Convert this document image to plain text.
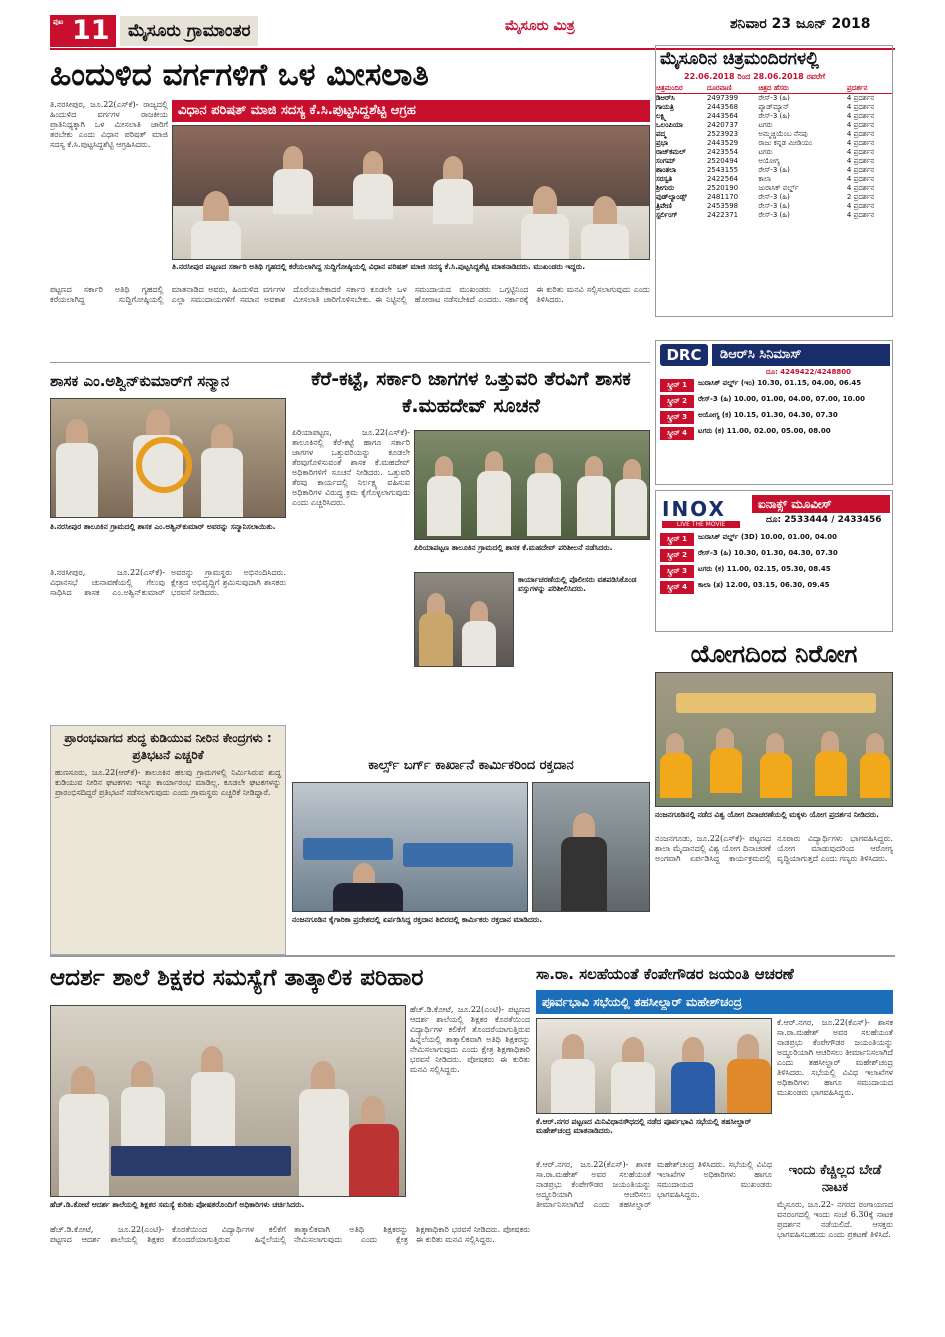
ಪುಟ 11	ಮೈಸೂರು ಗ್ರಾಮಾಂತರ	ಮೈಸೂರು ಮಿತ್ರ	ಶನಿವಾರ 23 ಜೂನ್ 2018
ಹಿಂದುಳಿದ ವರ್ಗಗಳಿಗೆ ಒಳ ಮೀಸಲಾತಿ
ತಿ.ನರಸೀಪುರ, ಜೂ.22(ಎಸ್‌ಕೆ)- ರಾಜ್ಯದಲ್ಲಿ ಹಿಂದುಳಿದ ವರ್ಗಗಳ ರಾಜಕೀಯ ಪ್ರಾತಿನಿಧ್ಯಕ್ಕಾಗಿ ಒಳ ಮೀಸಲಾತಿ ಜಾರಿಗೆ ತರಬೇಕು ಎಂದು ವಿಧಾನ ಪರಿಷತ್ ಮಾಜಿ ಸದಸ್ಯ ಕೆ.ಸಿ.ಪುಟ್ಟಸಿದ್ದಶೆಟ್ಟಿ ಆಗ್ರಹಿಸಿದರು.
ವಿಧಾನ ಪರಿಷತ್ ಮಾಜಿ ಸದಸ್ಯ ಕೆ.ಸಿ.ಪುಟ್ಟಸಿದ್ದಶೆಟ್ಟಿ ಆಗ್ರಹ
ತಿ.ನರಸೀಪುರ ಪಟ್ಟಣದ ಸರ್ಕಾರಿ ಅತಿಥಿ ಗೃಹದಲ್ಲಿ ಕರೆಯಲಾಗಿದ್ದ ಸುದ್ದಿಗೋಷ್ಠಿಯಲ್ಲಿ ವಿಧಾನ ಪರಿಷತ್ ಮಾಜಿ ಸದಸ್ಯ ಕೆ.ಸಿ.ಪುಟ್ಟಸಿದ್ದಶೆಟ್ಟಿ ಮಾತನಾಡಿದರು. ಮುಖಂಡರು ಇದ್ದರು.
ಪಟ್ಟಣದ ಸರ್ಕಾರಿ ಅತಿಥಿ ಗೃಹದಲ್ಲಿ ಕರೆಯಲಾಗಿದ್ದ ಸುದ್ದಿಗೋಷ್ಠಿಯಲ್ಲಿ ಮಾತನಾಡಿದ ಅವರು, ಹಿಂದುಳಿದ ವರ್ಗಗಳ ಎಲ್ಲಾ ಸಮುದಾಯಗಳಿಗೆ ಸಮಾನ ಅವಕಾಶ ದೊರೆಯಬೇಕಾದರೆ ಸರ್ಕಾರ ಕೂಡಲೇ ಒಳ ಮೀಸಲಾತಿ ಜಾರಿಗೊಳಿಸಬೇಕು. ಈ ನಿಟ್ಟಿನಲ್ಲಿ ಸಮುದಾಯದ ಮುಖಂಡರು ಒಗ್ಗಟ್ಟಿನಿಂದ ಹೋರಾಟ ನಡೆಸಬೇಕಿದೆ ಎಂದರು. ಸರ್ಕಾರಕ್ಕೆ ಈ ಕುರಿತು ಮನವಿ ಸಲ್ಲಿಸಲಾಗುವುದು ಎಂದು ತಿಳಿಸಿದರು.
ಮೈಸೂರಿನ ಚಿತ್ರಮಂದಿರಗಳಲ್ಲಿ
22.06.2018 ರಿಂದ 28.06.2018 ರವರೆಗೆ
ಚಿತ್ರಮಂದಿರ	ದೂರವಾಣಿ	ಚಿತ್ರದ ಹೆಸರು	ಪ್ರದರ್ಶನ
ಡಿಆರ್‌ಸಿ	2497399	ರೇಸ್-3 (ಹಿ)	4 ಪ್ರದರ್ಶನ
ಗಾಯತ್ರಿ	2443568	ಪ್ಯಾಡ್‌ಮ್ಯಾನ್	4 ಪ್ರದರ್ಶನ
ಲಕ್ಷ್ಮಿ	2443564	ರೇಸ್-3 (ಹಿ)	4 ಪ್ರದರ್ಶನ
ಒಲಂಪಿಯಾ	2420737	ಟಗರು	4 ಪ್ರದರ್ಶನ
ಪದ್ಮ	2523923	ಅಮ್ಮಚ್ಚಿಯೆಂಬ ನೆನಪು	4 ಪ್ರದರ್ಶನ
ಪ್ರಭಾ	2443529	ರಾಜು ಕನ್ನಡ ಮೀಡಿಯಂ	4 ಪ್ರದರ್ಶನ
ರಾಜ್‌ಕಮಲ್	2423554	ಟಗರು	4 ಪ್ರದರ್ಶನ
ಸಂಗಮ್	2520494	ಅಯೋಗ್ಯ	4 ಪ್ರದರ್ಶನ
ಶಾಂತಲಾ	2543155	ರೇಸ್-3 (ಹಿ)	4 ಪ್ರದರ್ಶನ
ಸರಸ್ವತಿ	2422564	ಕಾಲಾ	4 ಪ್ರದರ್ಶನ
ಶ್ರೀಗುರು	2520190	ಜುರಾಸಿಕ್ ವರ್ಲ್ಡ್	4 ಪ್ರದರ್ಶನ
ವುಡ್‌ಲ್ಯಾಂಡ್ಸ್	2481170	ರೇಸ್-3 (ಹಿ)	2 ಪ್ರದರ್ಶನ
ತ್ರಿವೇಣಿ	2453598	ರೇಸ್-3 (ಹಿ)	4 ಪ್ರದರ್ಶನ
ಸ್ಟರ್ಲಿಂಗ್	2422371	ರೇಸ್-3 (ಹಿ)	4 ಪ್ರದರ್ಶನ
DRC	ಡಿಆರ್‌ಸಿ ಸಿನಿಮಾಸ್
ದೂ: 4249422/4248800
ಸ್ಕ್ರೀನ್ 1	ಜುರಾಸಿಕ್ ವರ್ಲ್ಡ್ (ಇಂ) 10.30, 01.15, 04.00, 06.45
ಸ್ಕ್ರೀನ್ 2	ರೇಸ್-3 (ಹಿ) 10.00, 01.00, 04.00, 07.00, 10.00
ಸ್ಕ್ರೀನ್ 3	ಅಯೋಗ್ಯ (ಕ) 10.15, 01.30, 04.30, 07.30
ಸ್ಕ್ರೀನ್ 4	ಟಗರು (ಕ) 11.00, 02.00, 05.00, 08.00
INOX
LIVE THE MOVIE
ಐನಾಕ್ಸ್ ಮೂವೀಸ್
ದೂ: 2533444 / 2433456
ಸ್ಕ್ರೀನ್ 1	ಜುರಾಸಿಕ್ ವರ್ಲ್ಡ್ (3D) 10.00, 01.00, 04.00
ಸ್ಕ್ರೀನ್ 2	ರೇಸ್-3 (ಹಿ) 10.30, 01.30, 04.30, 07.30
ಸ್ಕ್ರೀನ್ 3	ಟಗರು (ಕ) 11.00, 02.15, 05.30, 08.45
ಸ್ಕ್ರೀನ್ 4	ಕಾಲಾ (ತ) 12.00, 03.15, 06.30, 09.45
ಯೋಗದಿಂದ ನಿರೋಗ
ನಂಜನಗೂಡಿನಲ್ಲಿ ನಡೆದ ವಿಶ್ವ ಯೋಗ ದಿನಾಚರಣೆಯಲ್ಲಿ ಮಕ್ಕಳು ಯೋಗ ಪ್ರದರ್ಶನ ನೀಡಿದರು.
ನಂಜನಗೂಡು, ಜೂ.22(ಎಸ್‌ಕೆ)- ಪಟ್ಟಣದ ಶಾಲಾ ಮೈದಾನದಲ್ಲಿ ವಿಶ್ವ ಯೋಗ ದಿನಾಚರಣೆ ಅಂಗವಾಗಿ ಏರ್ಪಡಿಸಿದ್ದ ಕಾರ್ಯಕ್ರಮದಲ್ಲಿ ನೂರಾರು ವಿದ್ಯಾರ್ಥಿಗಳು ಭಾಗವಹಿಸಿದ್ದರು. ಯೋಗ ಮಾಡುವುದರಿಂದ ಆರೋಗ್ಯ ವೃದ್ಧಿಯಾಗುತ್ತದೆ ಎಂದು ಗಣ್ಯರು ತಿಳಿಸಿದರು.
ಶಾಸಕ ಎಂ.ಅಶ್ವಿನ್‌ಕುಮಾರ್‌ಗೆ ಸನ್ಮಾನ
ತಿ.ನರಸೀಪುರ ತಾಲೂಕಿನ ಗ್ರಾಮದಲ್ಲಿ ಶಾಸಕ ಎಂ.ಅಶ್ವಿನ್‌ಕುಮಾರ್ ಅವರನ್ನು ಸನ್ಮಾನಿಸಲಾಯಿತು.
ತಿ.ನರಸೀಪುರ, ಜೂ.22(ಎಸ್‌ಕೆ)- ವಿಧಾನಸಭೆ ಚುನಾವಣೆಯಲ್ಲಿ ಗೆಲುವು ಸಾಧಿಸಿದ ಶಾಸಕ ಎಂ.ಅಶ್ವಿನ್‌ಕುಮಾರ್ ಅವರನ್ನು ಗ್ರಾಮಸ್ಥರು ಅಭಿನಂದಿಸಿದರು. ಕ್ಷೇತ್ರದ ಅಭಿವೃದ್ಧಿಗೆ ಶ್ರಮಿಸುವುದಾಗಿ ಶಾಸಕರು ಭರವಸೆ ನೀಡಿದರು.
ಕೆರೆ-ಕಟ್ಟೆ, ಸರ್ಕಾರಿ ಜಾಗಗಳ ಒತ್ತುವರಿ ತೆರವಿಗೆ ಶಾಸಕ ಕೆ.ಮಹದೇವ್ ಸೂಚನೆ
ಪಿರಿಯಾಪಟ್ಟಣ, ಜೂ.22(ಎಸ್‌ಕೆ)- ತಾಲೂಕಿನಲ್ಲಿ ಕೆರೆ-ಕಟ್ಟೆ ಹಾಗೂ ಸರ್ಕಾರಿ ಜಾಗಗಳ ಒತ್ತುವರಿಯನ್ನು ಕೂಡಲೇ ತೆರವುಗೊಳಿಸುವಂತೆ ಶಾಸಕ ಕೆ.ಮಹದೇವ್ ಅಧಿಕಾರಿಗಳಿಗೆ ಸೂಚನೆ ನೀಡಿದರು. ಒತ್ತುವರಿ ತೆರವು ಕಾರ್ಯದಲ್ಲಿ ನಿರ್ಲಕ್ಷ್ಯ ವಹಿಸುವ ಅಧಿಕಾರಿಗಳ ವಿರುದ್ಧ ಕ್ರಮ ಕೈಗೊಳ್ಳಲಾಗುವುದು ಎಂದು ಎಚ್ಚರಿಸಿದರು.
ಪಿರಿಯಾಪಟ್ಟಣ ತಾಲೂಕಿನ ಗ್ರಾಮದಲ್ಲಿ ಶಾಸಕ ಕೆ.ಮಹದೇವ್ ಪರಿಶೀಲನೆ ನಡೆಸಿದರು.
ಕಾರ್ಯಾಚರಣೆಯಲ್ಲಿ ಪೊಲೀಸರು ವಶಪಡಿಸಿಕೊಂಡ ವಸ್ತುಗಳನ್ನು ಪರಿಶೀಲಿಸಿದರು.
ಪ್ರಾರಂಭವಾಗದ ಶುದ್ಧ ಕುಡಿಯುವ ನೀರಿನ ಕೇಂದ್ರಗಳು : ಪ್ರತಿಭಟನೆ ಎಚ್ಚರಿಕೆ
ಹುಣಸೂರು, ಜೂ.22(ಆರ್‌ಕೆ)- ತಾಲೂಕಿನ ಹಲವು ಗ್ರಾಮಗಳಲ್ಲಿ ನಿರ್ಮಿಸಿರುವ ಶುದ್ಧ ಕುಡಿಯುವ ನೀರಿನ ಘಟಕಗಳು ಇನ್ನೂ ಕಾರ್ಯಾರಂಭ ಮಾಡಿಲ್ಲ. ಕೂಡಲೇ ಘಟಕಗಳನ್ನು ಪ್ರಾರಂಭಿಸದಿದ್ದರೆ ಪ್ರತಿಭಟನೆ ನಡೆಸಲಾಗುವುದು ಎಂದು ಗ್ರಾಮಸ್ಥರು ಎಚ್ಚರಿಕೆ ನೀಡಿದ್ದಾರೆ.
ಕಾರ್ಲ್ಸ್ ಬರ್ಗ್ ಕಾರ್ಖಾನೆ ಕಾರ್ಮಿಕರಿಂದ ರಕ್ತದಾನ
ನಂಜನಗೂಡಿನ ಕೈಗಾರಿಕಾ ಪ್ರದೇಶದಲ್ಲಿ ಏರ್ಪಡಿಸಿದ್ದ ರಕ್ತದಾನ ಶಿಬಿರದಲ್ಲಿ ಕಾರ್ಮಿಕರು ರಕ್ತದಾನ ಮಾಡಿದರು.
ಆದರ್ಶ ಶಾಲೆ ಶಿಕ್ಷಕರ ಸಮಸ್ಯೆಗೆ ತಾತ್ಕಾಲಿಕ ಪರಿಹಾರ
ಹೆಚ್.ಡಿ.ಕೋಟೆ ಆದರ್ಶ ಶಾಲೆಯಲ್ಲಿ ಶಿಕ್ಷಕರ ಸಮಸ್ಯೆ ಕುರಿತು ಪೋಷಕರೊಂದಿಗೆ ಅಧಿಕಾರಿಗಳು ಚರ್ಚಿಸಿದರು.
ಹೆಚ್.ಡಿ.ಕೋಟೆ, ಜೂ.22(ಎಂಟಿ)- ಪಟ್ಟಣದ ಆದರ್ಶ ಶಾಲೆಯಲ್ಲಿ ಶಿಕ್ಷಕರ ಕೊರತೆಯಿಂದ ವಿದ್ಯಾರ್ಥಿಗಳ ಕಲಿಕೆಗೆ ತೊಂದರೆಯಾಗುತ್ತಿರುವ ಹಿನ್ನೆಲೆಯಲ್ಲಿ ತಾತ್ಕಾಲಿಕವಾಗಿ ಅತಿಥಿ ಶಿಕ್ಷಕರನ್ನು ನೇಮಿಸಲಾಗುವುದು ಎಂದು ಕ್ಷೇತ್ರ ಶಿಕ್ಷಣಾಧಿಕಾರಿ ಭರವಸೆ ನೀಡಿದರು. ಪೋಷಕರು ಈ ಕುರಿತು ಮನವಿ ಸಲ್ಲಿಸಿದ್ದರು.
ಹೆಚ್.ಡಿ.ಕೋಟೆ, ಜೂ.22(ಎಂಟಿ)- ಪಟ್ಟಣದ ಆದರ್ಶ ಶಾಲೆಯಲ್ಲಿ ಶಿಕ್ಷಕರ ಕೊರತೆಯಿಂದ ವಿದ್ಯಾರ್ಥಿಗಳ ಕಲಿಕೆಗೆ ತೊಂದರೆಯಾಗುತ್ತಿರುವ ಹಿನ್ನೆಲೆಯಲ್ಲಿ ತಾತ್ಕಾಲಿಕವಾಗಿ ಅತಿಥಿ ಶಿಕ್ಷಕರನ್ನು ನೇಮಿಸಲಾಗುವುದು ಎಂದು ಕ್ಷೇತ್ರ ಶಿಕ್ಷಣಾಧಿಕಾರಿ ಭರವಸೆ ನೀಡಿದರು. ಪೋಷಕರು ಈ ಕುರಿತು ಮನವಿ ಸಲ್ಲಿಸಿದ್ದರು.
ಸಾ.ರಾ. ಸಲಹೆಯಂತೆ ಕೆಂಪೇಗೌಡರ ಜಯಂತಿ ಆಚರಣೆ
ಪೂರ್ವಭಾವಿ ಸಭೆಯಲ್ಲಿ ತಹಸೀಲ್ದಾರ್ ಮಹೇಶ್‌ಚಂದ್ರ
ಕೆ.ಆರ್.ನಗರ ಪಟ್ಟಣದ ಮಿನಿವಿಧಾನಸೌಧದಲ್ಲಿ ನಡೆದ ಪೂರ್ವಭಾವಿ ಸಭೆಯಲ್ಲಿ ತಹಸೀಲ್ದಾರ್ ಮಹೇಶ್‌ಚಂದ್ರ ಮಾತನಾಡಿದರು.
ಕೆ.ಆರ್.ನಗರ, ಜೂ.22(ಕೆಎಸ್)- ಶಾಸಕ ಸಾ.ರಾ.ಮಹೇಶ್ ಅವರ ಸಲಹೆಯಂತೆ ನಾಡಪ್ರಭು ಕೆಂಪೇಗೌಡರ ಜಯಂತಿಯನ್ನು ಅದ್ಧೂರಿಯಾಗಿ ಆಚರಿಸಲು ತೀರ್ಮಾನಿಸಲಾಗಿದೆ ಎಂದು ತಹಸೀಲ್ದಾರ್ ಮಹೇಶ್‌ಚಂದ್ರ ತಿಳಿಸಿದರು. ಸಭೆಯಲ್ಲಿ ವಿವಿಧ ಇಲಾಖೆಗಳ ಅಧಿಕಾರಿಗಳು ಹಾಗೂ ಸಮುದಾಯದ ಮುಖಂಡರು ಭಾಗವಹಿಸಿದ್ದರು.
ಕೆ.ಆರ್.ನಗರ, ಜೂ.22(ಕೆಎಸ್)- ಶಾಸಕ ಸಾ.ರಾ.ಮಹೇಶ್ ಅವರ ಸಲಹೆಯಂತೆ ನಾಡಪ್ರಭು ಕೆಂಪೇಗೌಡರ ಜಯಂತಿಯನ್ನು ಅದ್ಧೂರಿಯಾಗಿ ಆಚರಿಸಲು ತೀರ್ಮಾನಿಸಲಾಗಿದೆ ಎಂದು ತಹಸೀಲ್ದಾರ್ ಮಹೇಶ್‌ಚಂದ್ರ ತಿಳಿಸಿದರು. ಸಭೆಯಲ್ಲಿ ವಿವಿಧ ಇಲಾಖೆಗಳ ಅಧಿಕಾರಿಗಳು ಹಾಗೂ ಸಮುದಾಯದ ಮುಖಂಡರು ಭಾಗವಹಿಸಿದ್ದರು.
ಇಂದು ಕೆಚ್ಚಿಲ್ಲದ ಬೇಡೆ ನಾಟಕ
ಮೈಸೂರು, ಜೂ.22- ನಗರದ ರಂಗಾಯಣದ ವನರಂಗದಲ್ಲಿ ಇಂದು ಸಂಜೆ 6.30ಕ್ಕೆ ನಾಟಕ ಪ್ರದರ್ಶನ ನಡೆಯಲಿದೆ. ಆಸಕ್ತರು ಭಾಗವಹಿಸಬಹುದು ಎಂದು ಪ್ರಕಟಣೆ ತಿಳಿಸಿದೆ.
